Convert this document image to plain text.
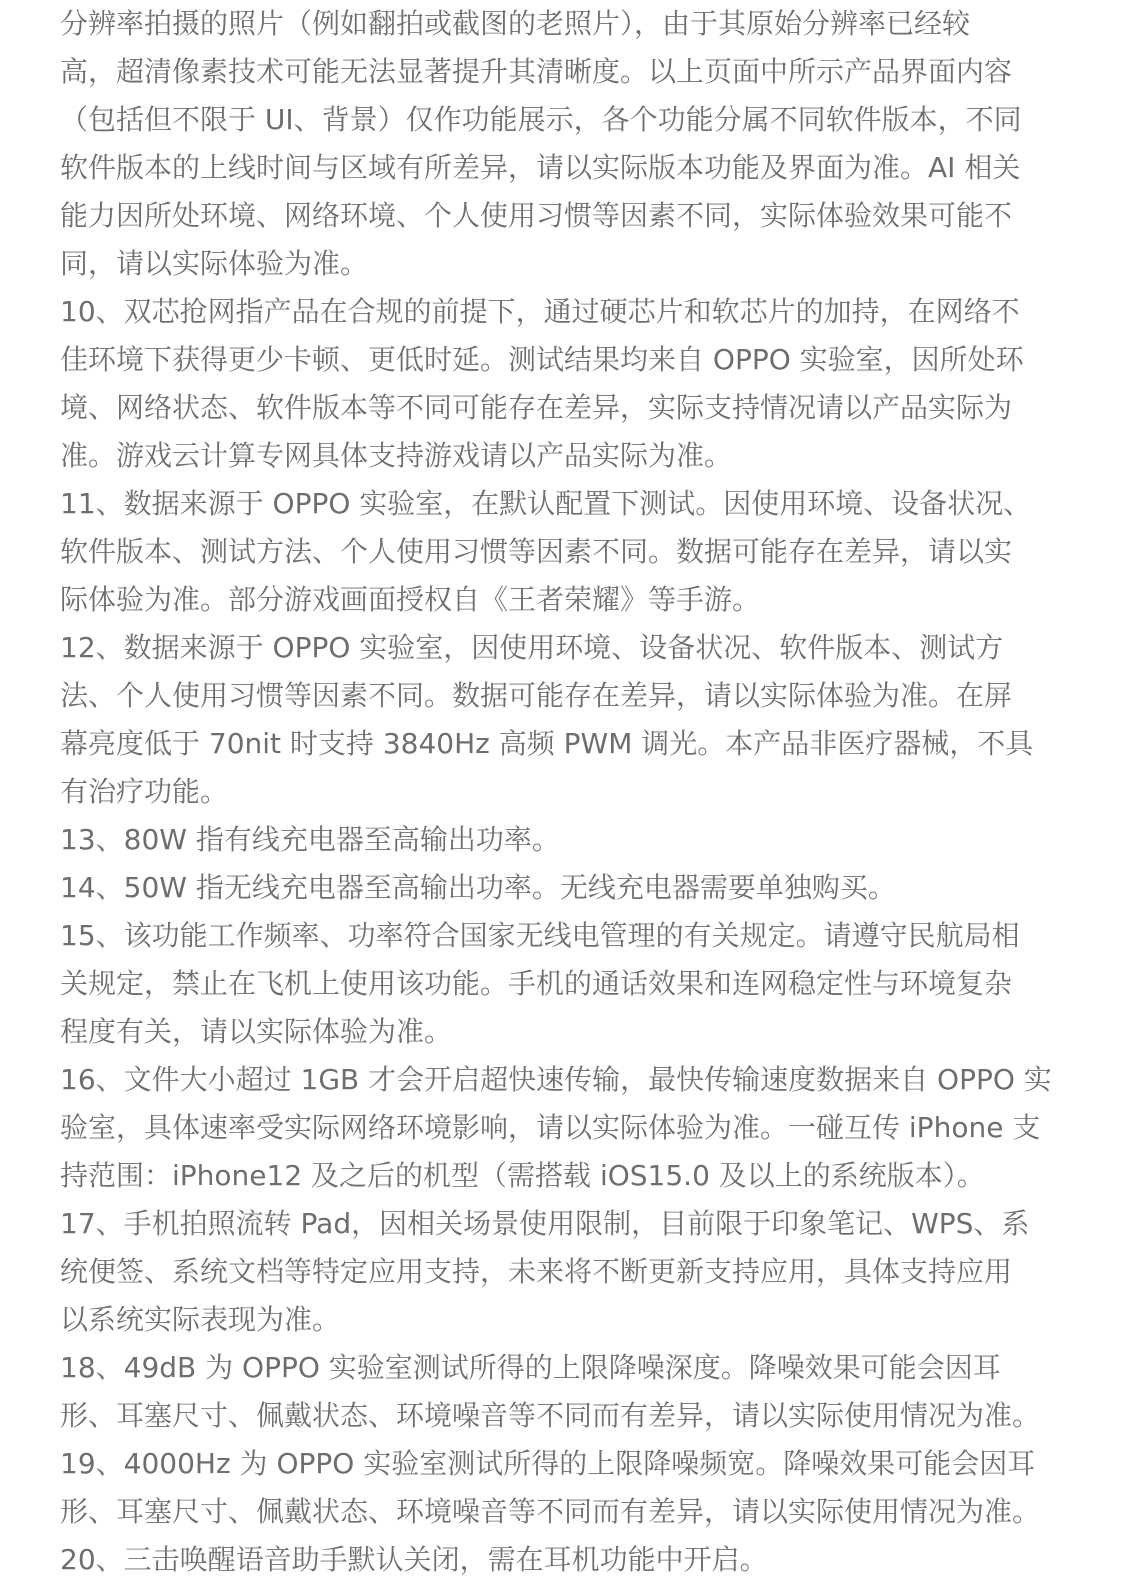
分辨率拍摄的照片（例如翻拍或截图的老照片），由于其原始分辨率已经较
高，超清像素技术可能无法显著提升其清晰度。以上页面中所示产品界面内容
（包括但不限于 UI、背景）仅作功能展示，各个功能分属不同软件版本，不同
软件版本的上线时间与区域有所差异，请以实际版本功能及界面为准。AI 相关
能力因所处环境、网络环境、个人使用习惯等因素不同，实际体验效果可能不
同，请以实际体验为准。
10、双芯抢网指产品在合规的前提下，通过硬芯片和软芯片的加持，在网络不
佳环境下获得更少卡顿、更低时延。测试结果均来自 OPPO 实验室，因所处环
境、网络状态、软件版本等不同可能存在差异，实际支持情况请以产品实际为
准。游戏云计算专网具体支持游戏请以产品实际为准。
11、数据来源于 OPPO 实验室，在默认配置下测试。因使用环境、设备状况、
软件版本、测试方法、个人使用习惯等因素不同。数据可能存在差异，请以实
际体验为准。部分游戏画面授权自《王者荣耀》等手游。
12、数据来源于 OPPO 实验室，因使用环境、设备状况、软件版本、测试方
法、个人使用习惯等因素不同。数据可能存在差异，请以实际体验为准。在屏
幕亮度低于 70nit 时支持 3840Hz 高频 PWM 调光。本产品非医疗器械，不具
有治疗功能。
13、80W 指有线充电器至高输出功率。
14、50W 指无线充电器至高输出功率。无线充电器需要单独购买。
15、该功能工作频率、功率符合国家无线电管理的有关规定。请遵守民航局相
关规定，禁止在飞机上使用该功能。手机的通话效果和连网稳定性与环境复杂
程度有关，请以实际体验为准。
16、文件大小超过 1GB 才会开启超快速传输，最快传输速度数据来自 OPPO 实
验室，具体速率受实际网络环境影响，请以实际体验为准。一碰互传 iPhone 支
持范围：iPhone12 及之后的机型（需搭载 iOS15.0 及以上的系统版本）。
17、手机拍照流转 Pad，因相关场景使用限制，目前限于印象笔记、WPS、系
统便签、系统文档等特定应用支持，未来将不断更新支持应用，具体支持应用
以系统实际表现为准。
18、49dB 为 OPPO 实验室测试所得的上限降噪深度。降噪效果可能会因耳
形、耳塞尺寸、佩戴状态、环境噪音等不同而有差异，请以实际使用情况为准。
19、4000Hz 为 OPPO 实验室测试所得的上限降噪频宽。降噪效果可能会因耳
形、耳塞尺寸、佩戴状态、环境噪音等不同而有差异，请以实际使用情况为准。
20、三击唤醒语音助手默认关闭，需在耳机功能中开启。
